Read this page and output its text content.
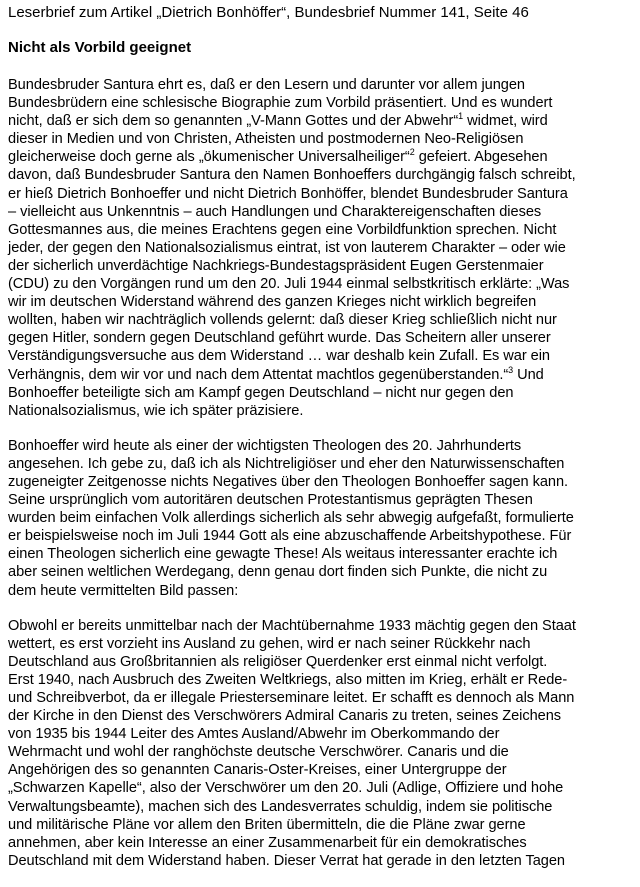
Leserbrief zum Artikel „Dietrich Bonhöffer“, Bundesbrief Nummer 141, Seite 46
Nicht als Vorbild geeignet
Bundesbruder Santura ehrt es, daß er den Lesern und darunter vor allem jungen
Bundesbrüdern eine schlesische Biographie zum Vorbild präsentiert. Und es wundert
nicht, daß er sich dem so genannten „V-Mann Gottes und der Abwehr“$^1$ widmet, wird
dieser in Medien und von Christen, Atheisten und postmodernen Neo-Religiösen
gleicherweise doch gerne als „ökumenischer Universalheiliger“$^2$ gefeiert. Abgesehen
davon, daß Bundesbruder Santura den Namen Bonhoeffers durchgängig falsch schreibt,
er hieß Dietrich Bonhoeffer und nicht Dietrich Bonhöffer, blendet Bundesbruder Santura
– vielleicht aus Unkenntnis – auch Handlungen und Charaktereigenschaften dieses
Gottesmannes aus, die meines Erachtens gegen eine Vorbildfunktion sprechen. Nicht
jeder, der gegen den Nationalsozialismus eintrat, ist von lauterem Charakter – oder wie
der sicherlich unverdächtige Nachkriegs-Bundestagspräsident Eugen Gerstenmaier
(CDU) zu den Vorgängen rund um den 20. Juli 1944 einmal selbstkritisch erklärte: „Was
wir im deutschen Widerstand während des ganzen Krieges nicht wirklich begreifen
wollten, haben wir nachträglich vollends gelernt: daß dieser Krieg schließlich nicht nur
gegen Hitler, sondern gegen Deutschland geführt wurde. Das Scheitern aller unserer
Verständigungsversuche aus dem Widerstand … war deshalb kein Zufall. Es war ein
Verhängnis, dem wir vor und nach dem Attentat machtlos gegenüberstanden.“$^3$ Und
Bonhoeffer beteiligte sich am Kampf gegen Deutschland – nicht nur gegen den
Nationalsozialismus, wie ich später präzisiere.
Bonhoeffer wird heute als einer der wichtigsten Theologen des 20. Jahrhunderts
angesehen. Ich gebe zu, daß ich als Nichtreligiöser und eher den Naturwissenschaften
zugeneigter Zeitgenosse nichts Negatives über den Theologen Bonhoeffer sagen kann.
Seine ursprünglich vom autoritären deutschen Protestantismus geprägten Thesen
wurden beim einfachen Volk allerdings sicherlich als sehr abwegig aufgefaßt, formulierte
er beispielsweise noch im Juli 1944 Gott als eine abzuschaffende Arbeitshypothese. Für
einen Theologen sicherlich eine gewagte These! Als weitaus interessanter erachte ich
aber seinen weltlichen Werdegang, denn genau dort finden sich Punkte, die nicht zu
dem heute vermittelten Bild passen:
Obwohl er bereits unmittelbar nach der Machtübernahme 1933 mächtig gegen den Staat
wettert, es erst vorzieht ins Ausland zu gehen, wird er nach seiner Rückkehr nach
Deutschland aus Großbritannien als religiöser Querdenker erst einmal nicht verfolgt.
Erst 1940, nach Ausbruch des Zweiten Weltkriegs, also mitten im Krieg, erhält er Rede-
und Schreibverbot, da er illegale Priesterseminare leitet. Er schafft es dennoch als Mann
der Kirche in den Dienst des Verschwörers Admiral Canaris zu treten, seines Zeichens
von 1935 bis 1944 Leiter des Amtes Ausland/Abwehr im Oberkommando der
Wehrmacht und wohl der ranghöchste deutsche Verschwörer. Canaris und die
Angehörigen des so genannten Canaris-Oster-Kreises, einer Untergruppe der
„Schwarzen Kapelle“, also der Verschwörer um den 20. Juli (Adlige, Offiziere und hohe
Verwaltungsbeamte), machen sich des Landesverrates schuldig, indem sie politische
und militärische Pläne vor allem den Briten übermitteln, die die Pläne zwar gerne
annehmen, aber kein Interesse an einer Zusammenarbeit für ein demokratisches
Deutschland mit dem Widerstand haben. Dieser Verrat hat gerade in den letzten Tagen
